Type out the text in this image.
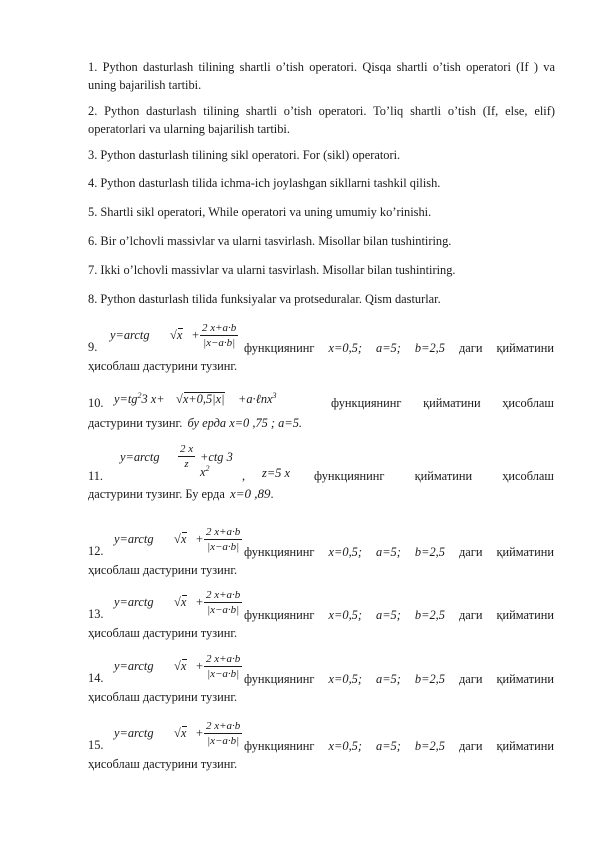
1. Python dasturlash tilining shartli o’tish operatori. Qisqa shartli o’tish operatori (If ) va uning bajarilish tartibi.
2. Python dasturlash tilining shartli o’tish operatori. To’liq shartli o’tish (If, else, elif) operatorlari va ularning bajarilish tartibi.
3. Python dasturlash tilining sikl operatori. For (sikl) operatori.
4. Python dasturlash tilida ichma-ich joylashgan sikllarni tashkil qilish.
5. Shartli sikl operatori, While operatori va uning umumiy ko’rinishi.
6. Bir o’lchovli massivlar va ularni tasvirlash. Misollar bilan tushintiring.
7. Ikki o’lchovli massivlar va ularni tasvirlash. Misollar bilan tushintiring.
8. Python dasturlash tilida funksiyalar va protseduralar. Qism dasturlar.
9.
y=arctg √
$x + \frac{2 x+a\cdot b}{|x-a\cdot b|}$ функциянинг x=0,5; a=5; b=2,5 даги қийматини
ҳисоблаш дастурини тузинг.
10. $y=tg^23$ x+ √
x+0,5|x| +a·ℓnx$^3$
функциянинг қийматини ҳисоблаш
дастурини тузинг. бу ерда x=0 ,75 ; a=5.
11.
y=arctg $\frac{2 x}{z} +ctg$ 3 $x^2$
, z=5 x функциянинг қийматини ҳисоблаш
дастурини тузинг. Бу ерда x=0 ,89.
12.
y=arctg √
$x + \frac{2 x+a\cdot b}{|x-a\cdot b|}$ функциянинг x=0,5; a=5; b=2,5 даги қийматини
ҳисоблаш дастурини тузинг.
13.
y=arctg √
$x + \frac{2 x+a\cdot b}{|x-a\cdot b|}$ функциянинг x=0,5; a=5; b=2,5 даги қийматини
ҳисоблаш дастурини тузинг.
14.
y=arctg √
$x + \frac{2 x+a\cdot b}{|x-a\cdot b|}$ функциянинг x=0,5; a=5; b=2,5 даги қийматини
ҳисоблаш дастурини тузинг.
15.
y=arctg √
$x + \frac{2 x+a\cdot b}{|x-a\cdot b|}$ функциянинг x=0,5; a=5; b=2,5 даги қийматини
ҳисоблаш дастурини тузинг.
